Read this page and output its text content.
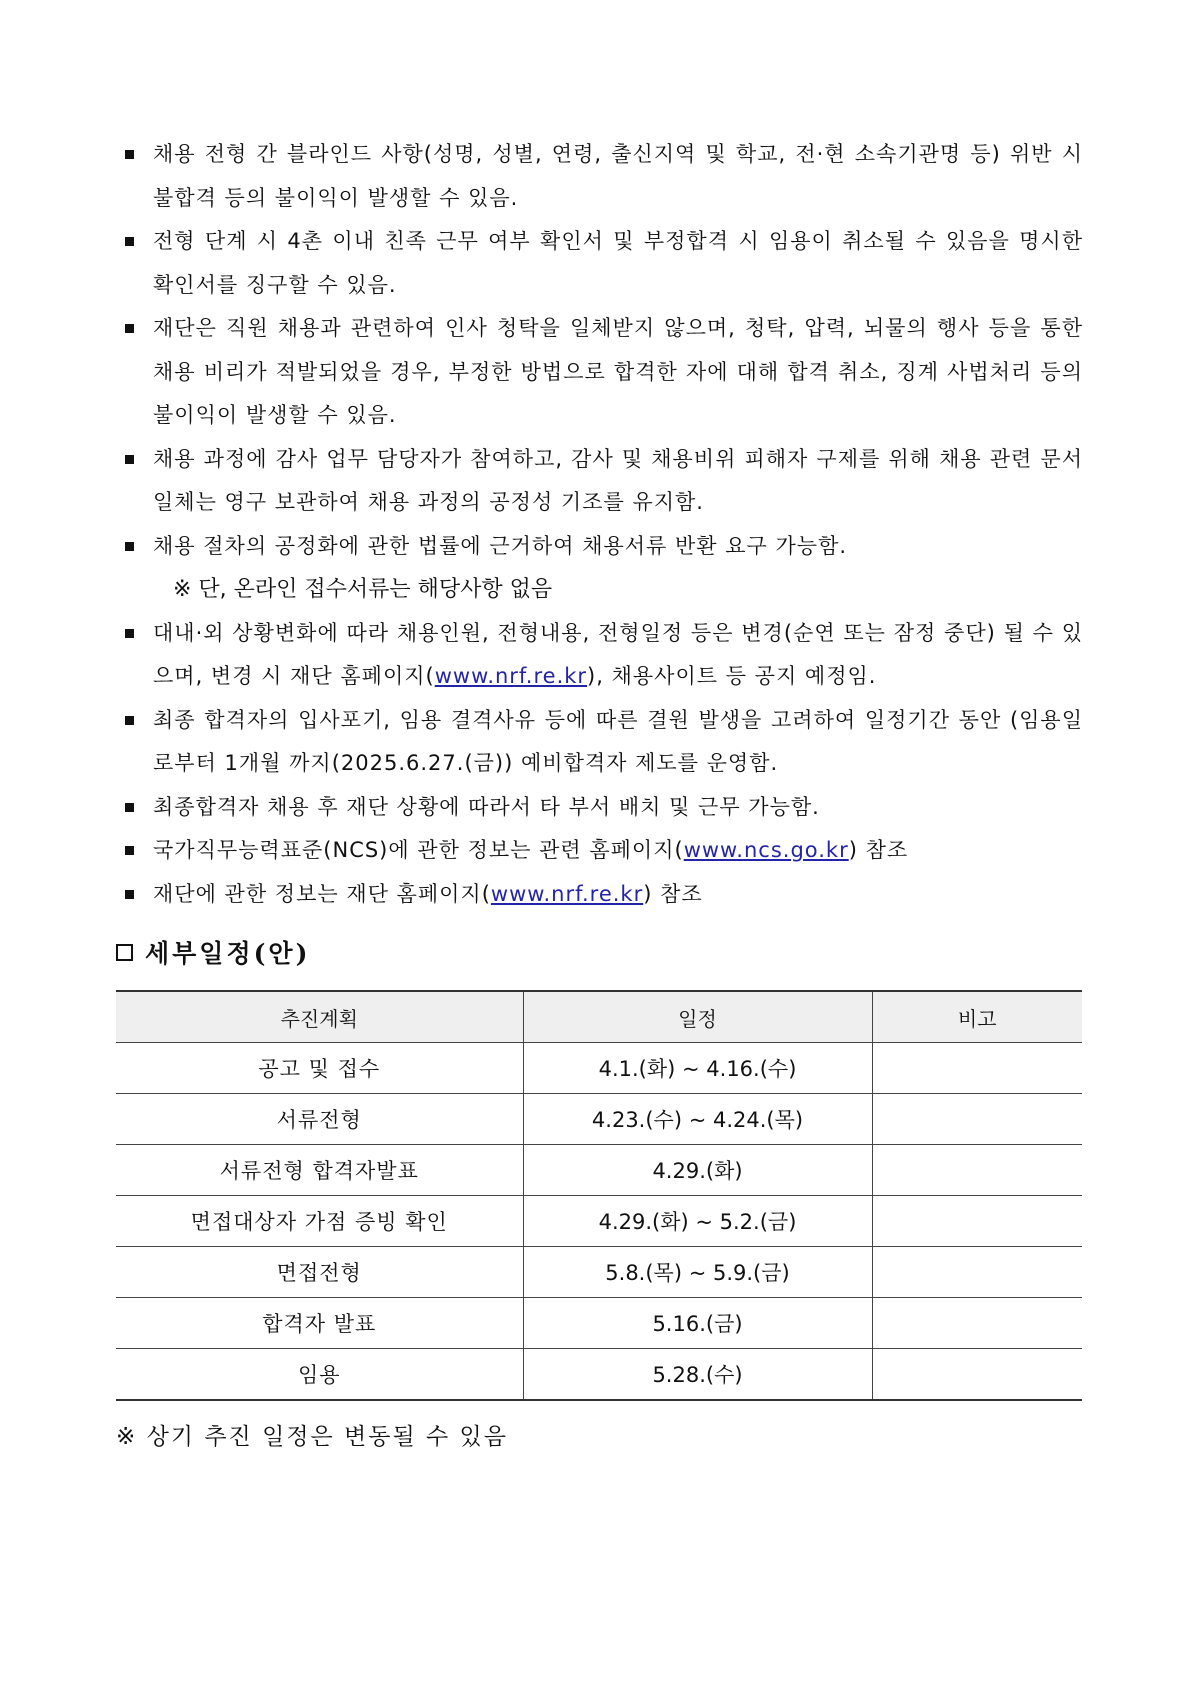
채용 전형 간 블라인드 사항(성명, 성별, 연령, 출신지역 및 학교, 전·현 소속기관명 등) 위반 시 불합격 등의 불이익이 발생할 수 있음.
전형 단계 시 4촌 이내 친족 근무 여부 확인서 및 부정합격 시 임용이 취소될 수 있음을 명시한 확인서를 징구할 수 있음.
재단은 직원 채용과 관련하여 인사 청탁을 일체받지 않으며, 청탁, 압력, 뇌물의 행사 등을 통한 채용 비리가 적발되었을 경우, 부정한 방법으로 합격한 자에 대해 합격 취소, 징계 사법처리 등의 불이익이 발생할 수 있음.
채용 과정에 감사 업무 담당자가 참여하고, 감사 및 채용비위 피해자 구제를 위해 채용 관련 문서 일체는 영구 보관하여 채용 과정의 공정성 기조를 유지함.
채용 절차의 공정화에 관한 법률에 근거하여 채용서류 반환 요구 가능함.
※ 단, 온라인 접수서류는 해당사항 없음
대내·외 상황변화에 따라 채용인원, 전형내용, 전형일정 등은 변경(순연 또는 잠정 중단) 될 수 있으며, 변경 시 재단 홈페이지(www.nrf.re.kr), 채용사이트 등 공지 예정임.
최종 합격자의 입사포기, 임용 결격사유 등에 따른 결원 발생을 고려하여 일정기간 동안 (임용일로부터 1개월 까지(2025.6.27.(금)) 예비합격자 제도를 운영함.
최종합격자 채용 후 재단 상황에 따라서 타 부서 배치 및 근무 가능함.
국가직무능력표준(NCS)에 관한 정보는 관련 홈페이지(www.ncs.go.kr) 참조
재단에 관한 정보는 재단 홈페이지(www.nrf.re.kr) 참조
세부일정(안)
추진계획	일정	비고
공고 및 접수	4.1.(화) ~ 4.16.(수)	
서류전형	4.23.(수) ~ 4.24.(목)	
서류전형 합격자발표	4.29.(화)	
면접대상자 가점 증빙 확인	4.29.(화) ~ 5.2.(금)	
면접전형	5.8.(목) ~ 5.9.(금)	
합격자 발표	5.16.(금)	
임용	5.28.(수)	
※ 상기 추진 일정은 변동될 수 있음
